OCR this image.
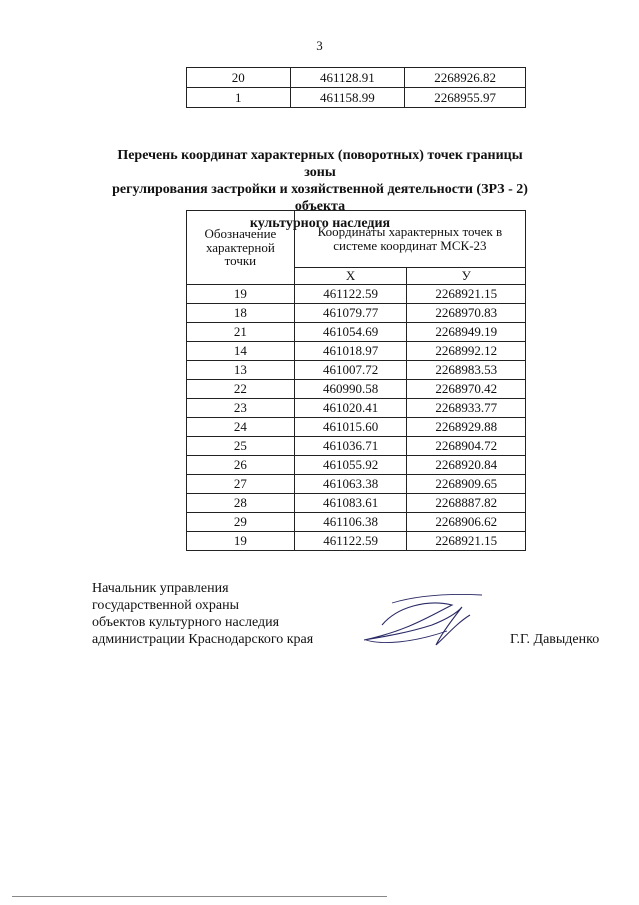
3
20	461128.91	2268926.82
1	461158.99	2268955.97
Перечень координат характерных (поворотных) точек границы зоны
регулирования застройки и хозяйственной деятельности (ЗРЗ - 2) объекта
культурного наследия
Обозначение характерной точки	Координаты характерных точек в системе координат МСК-23	
	Х	У
19	461122.59	2268921.15
18	461079.77	2268970.83
21	461054.69	2268949.19
14	461018.97	2268992.12
13	461007.72	2268983.53
22	460990.58	2268970.42
23	461020.41	2268933.77
24	461015.60	2268929.88
25	461036.71	2268904.72
26	461055.92	2268920.84
27	461063.38	2268909.65
28	461083.61	2268887.82
29	461106.38	2268906.62
19	461122.59	2268921.15
Начальник управления
государственной охраны
объектов культурного наследия
администрации Краснодарского края	Г.Г. Давыденко
